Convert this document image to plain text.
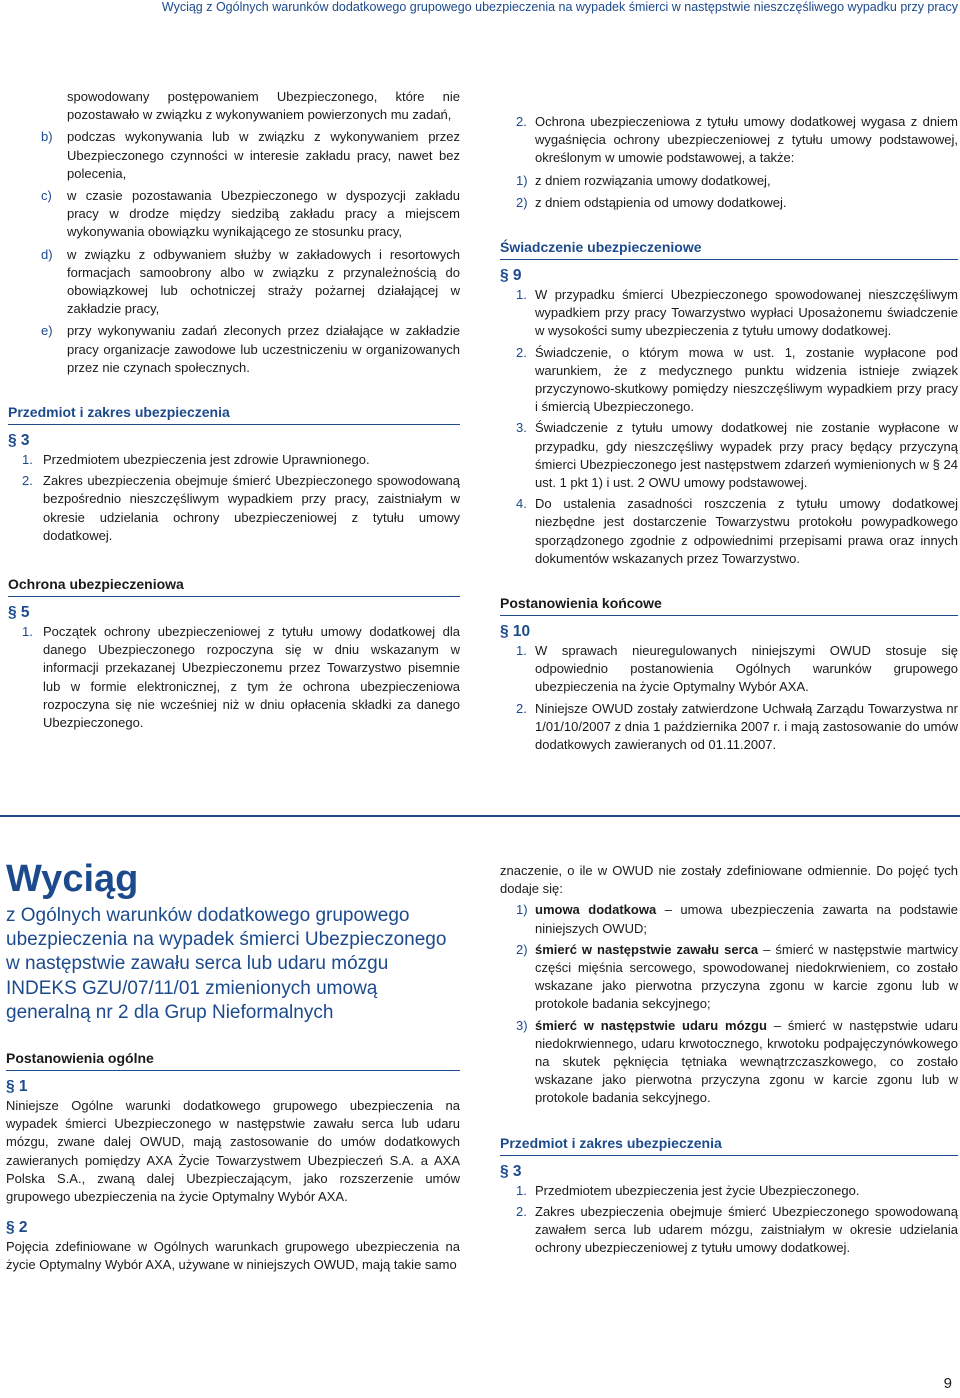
Wyciąg z Ogólnych warunków dodatkowego grupowego ubezpieczenia na wypadek śmierci w następstwie nieszczęśliwego wypadku przy pracy

spowodowany postępowaniem Ubezpieczonego, które nie pozostawało w związku z wykonywaniem powierzonych mu zadań,

b) podczas wykonywania lub w związku z wykonywaniem przez Ubezpieczonego czynności w interesie zakładu pracy, nawet bez polecenia,
c) w czasie pozostawania Ubezpieczonego w dyspozycji zakładu pracy w drodze między siedzibą zakładu pracy a miejscem wykonywania obowiązku wynikającego ze stosunku pracy,
d) w związku z odbywaniem służby w zakładowych i resortowych formacjach samoobrony albo w związku z przynależnością do obowiązkowej lub ochotniczej straży pożarnej działającej w zakładzie pracy,
e) przy wykonywaniu zadań zleconych przez działające w zakładzie pracy organizacje zawodowe lub uczestniczeniu w organizowanych przez nie czynach społecznych.
Przedmiot i zakres ubezpieczenia
§ 3
1. Przedmiotem ubezpieczenia jest zdrowie Uprawnionego.
2. Zakres ubezpieczenia obejmuje śmierć Ubezpieczonego spowodowaną bezpośrednio nieszczęśliwym wypadkiem przy pracy, zaistniałym w okresie udzielania ochrony ubezpieczeniowej z tytułu umowy dodatkowej.
Ochrona ubezpieczeniowa
§ 5
1. Początek ochrony ubezpieczeniowej z tytułu umowy dodatkowej dla danego Ubezpieczonego rozpoczyna się w dniu wskazanym w informacji przekazanej Ubezpieczonemu przez Towarzystwo pisemnie lub w formie elektronicznej, z tym że ochrona ubezpieczeniowa rozpoczyna się nie wcześniej niż w dniu opłacenia składki za danego Ubezpieczonego.
2. Ochrona ubezpieczeniowa z tytułu umowy dodatkowej wygasa z dniem wygaśnięcia ochrony ubezpieczeniowej z tytułu umowy podstawowej, określonym w umowie podstawowej, a także:
1) z dniem rozwiązania umowy dodatkowej,
2) z dniem odstąpienia od umowy dodatkowej.
Świadczenie ubezpieczeniowe
§ 9
1. W przypadku śmierci Ubezpieczonego spowodowanej nieszczęśliwym wypadkiem przy pracy Towarzystwo wypłaci Uposażonemu świadczenie w wysokości sumy ubezpieczenia z tytułu umowy dodatkowej.
2. Świadczenie, o którym mowa w ust. 1, zostanie wypłacone pod warunkiem, że z medycznego punktu widzenia istnieje związek przyczynowo-skutkowy pomiędzy nieszczęśliwym wypadkiem przy pracy i śmiercią Ubezpieczonego.
3. Świadczenie z tytułu umowy dodatkowej nie zostanie wypłacone w przypadku, gdy nieszczęśliwy wypadek przy pracy będący przyczyną śmierci Ubezpieczonego jest następstwem zdarzeń wymienionych w § 24 ust. 1 pkt 1) i ust. 2 OWU umowy podstawowej.
4. Do ustalenia zasadności roszczenia z tytułu umowy dodatkowej niezbędne jest dostarczenie Towarzystwu protokołu powypadkowego sporządzonego zgodnie z odpowiednimi przepisami prawa oraz innych dokumentów wskazanych przez Towarzystwo.
Postanowienia końcowe
§ 10
1. W sprawach nieuregulowanych niniejszymi OWUD stosuje się odpowiednio postanowienia Ogólnych warunków grupowego ubezpieczenia na życie Optymalny Wybór AXA.
2. Niniejsze OWUD zostały zatwierdzone Uchwałą Zarządu Towarzystwa nr 1/01/10/2007 z dnia 1 października 2007 r. i mają zastosowanie do umów dodatkowych zawieranych od 01.11.2007.
Wyciąg
z Ogólnych warunków dodatkowego grupowego ubezpieczenia na wypadek śmierci Ubezpieczonego w następstwie zawału serca lub udaru mózgu INDEKS GZU/07/11/01 zmienionych umową generalną nr 2 dla Grup Nieformalnych
Postanowienia ogólne
§ 1

Niniejsze Ogólne warunki dodatkowego grupowego ubezpieczenia na wypadek śmierci Ubezpieczonego w następstwie zawału serca lub udaru mózgu, zwane dalej OWUD, mają zastosowanie do umów dodatkowych zawieranych pomiędzy AXA Życie Towarzystwem Ubezpieczeń S.A. a AXA Polska S.A., zwaną dalej Ubezpieczającym, jako rozszerzenie umów grupowego ubezpieczenia na życie Optymalny Wybór AXA.

§ 2

Pojęcia zdefiniowane w Ogólnych warunkach grupowego ubezpieczenia na życie Optymalny Wybór AXA, używane w niniejszych OWUD, mają takie samo

znaczenie, o ile w OWUD nie zostały zdefiniowane odmiennie. Do pojęć tych dodaje się:

1) umowa dodatkowa – umowa ubezpieczenia zawarta na podstawie niniejszych OWUD;
2) śmierć w następstwie zawału serca – śmierć w następstwie martwicy części mięśnia sercowego, spowodowanej niedokrwieniem, co zostało wskazane jako pierwotna przyczyna zgonu w karcie zgonu lub w protokole badania sekcyjnego;
3) śmierć w następstwie udaru mózgu – śmierć w następstwie udaru niedokrwiennego, udaru krwotocznego, krwotoku podpajęczynówkowego na skutek pęknięcia tętniaka wewnątrzczaszkowego, co zostało wskazane jako pierwotna przyczyna zgonu w karcie zgonu lub w protokole badania sekcyjnego.
Przedmiot i zakres ubezpieczenia
§ 3
1. Przedmiotem ubezpieczenia jest życie Ubezpieczonego.
2. Zakres ubezpieczenia obejmuje śmierć Ubezpieczonego spowodowaną zawałem serca lub udarem mózgu, zaistniałym w okresie udzielania ochrony ubezpieczeniowej z tytułu umowy dodatkowej.
9
